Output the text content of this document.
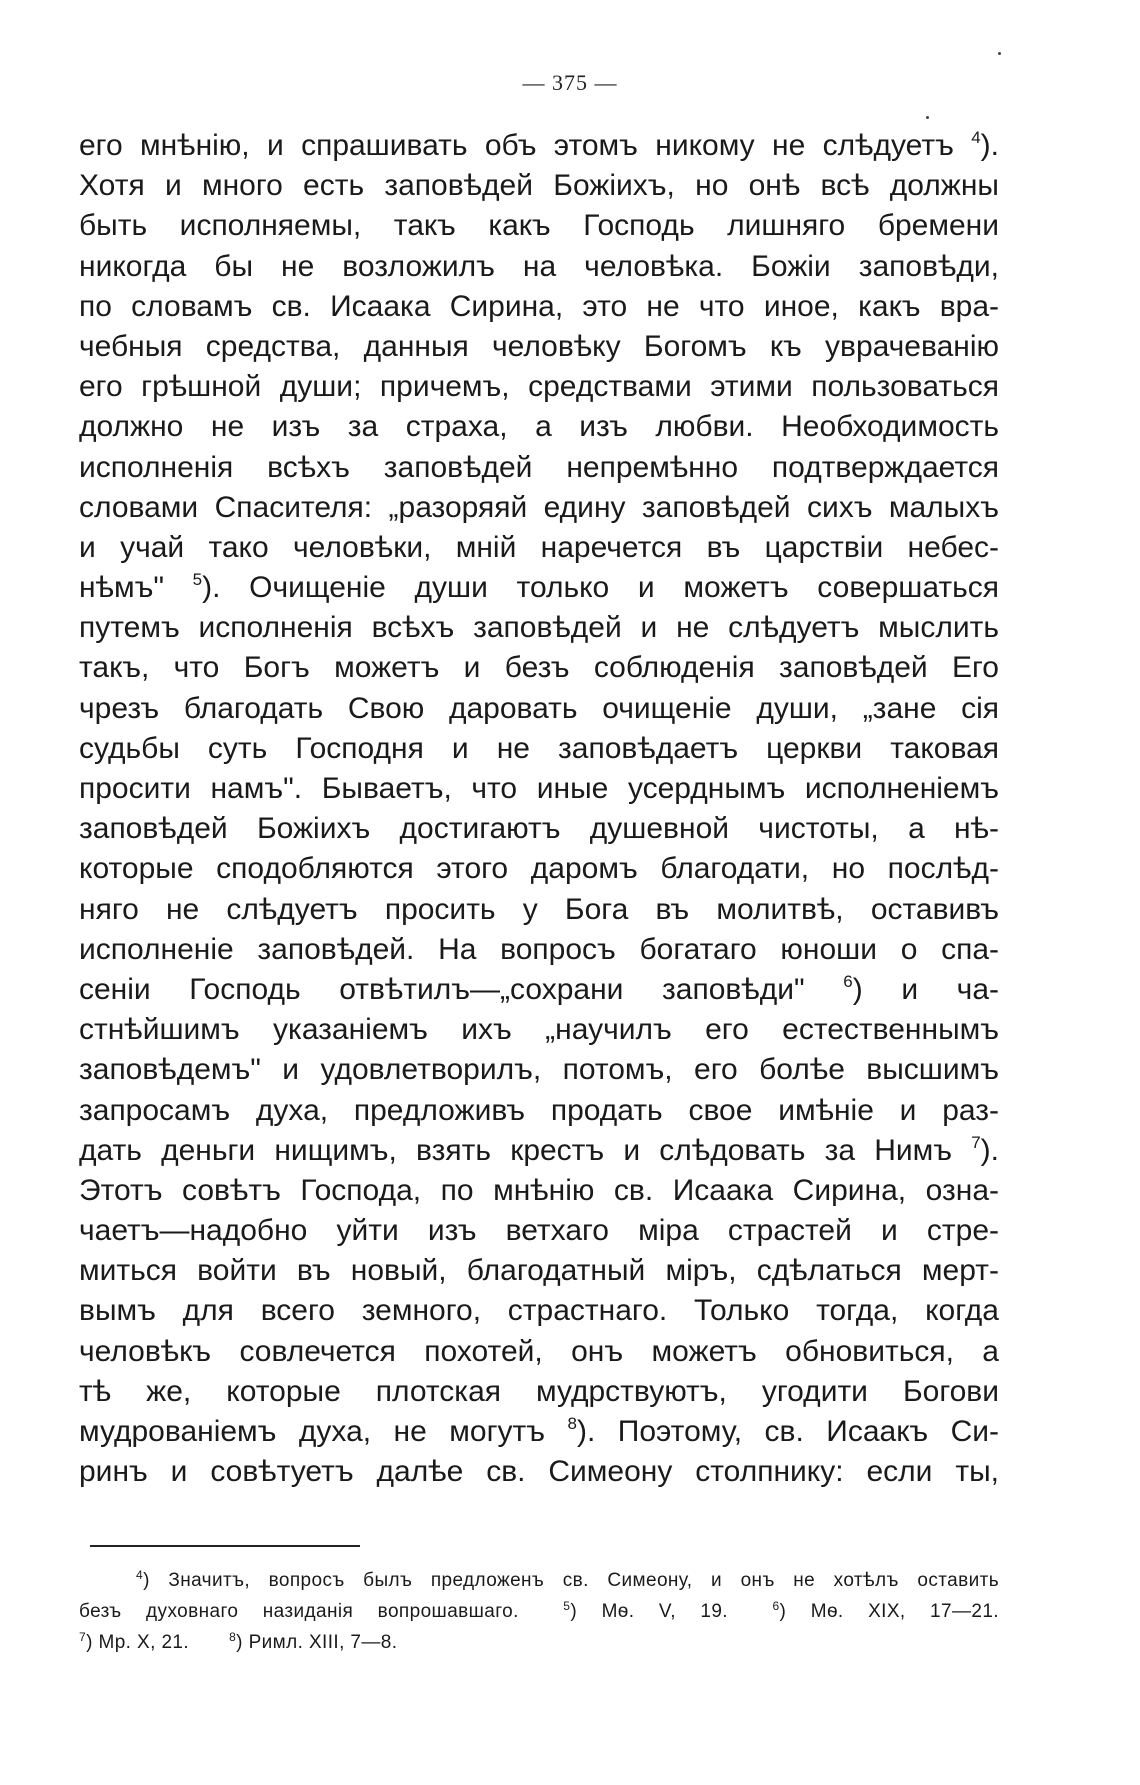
— 375 —
его мнѣнію, и спрашивать объ этомъ никому не слѣдуетъ $^4$).
Хотя и много есть заповѣдей Божіихъ, но онѣ всѣ должны
быть исполняемы, такъ какъ Господь лишняго бремени
никогда бы не возложилъ на человѣка. Божіи заповѣди,
по словамъ св. Исаака Сирина, это не что иное, какъ вра-
чебныя средства, данныя человѣку Богомъ къ уврачеванію
его грѣшной души; причемъ, средствами этими пользоваться
должно не изъ за страха, а изъ любви. Необходимость
исполненія всѣхъ заповѣдей непремѣнно подтверждается
словами Спасителя: „разоряяй едину заповѣдей сихъ малыхъ
и учай тако человѣки, мній наречется въ царствіи небес-
нѣмъ" $^5$). Очищеніе души только и можетъ совершаться
путемъ исполненія всѣхъ заповѣдей и не слѣдуетъ мыслить
такъ, что Богъ можетъ и безъ соблюденія заповѣдей Его
чрезъ благодать Свою даровать очищеніе души, „зане сія
судьбы суть Господня и не заповѣдаетъ церкви таковая
просити намъ". Бываетъ, что иные усерднымъ исполненіемъ
заповѣдей Божіихъ достигаютъ душевной чистоты, а нѣ-
которые сподобляются этого даромъ благодати, но послѣд-
няго не слѣдуетъ просить у Бога въ молитвѣ, оставивъ
исполненіе заповѣдей. На вопросъ богатаго юноши о спа-
сеніи Господь отвѣтилъ—„сохрани заповѣди" $^6$) и ча-
стнѣйшимъ указаніемъ ихъ „научилъ его естественнымъ
заповѣдемъ" и удовлетворилъ, потомъ, его болѣе высшимъ
запросамъ духа, предложивъ продать свое имѣніе и раз-
дать деньги нищимъ, взять крестъ и слѣдовать за Нимъ $^7$).
Этотъ совѣтъ Господа, по мнѣнію св. Исаака Сирина, озна-
чаетъ—надобно уйти изъ ветхаго міра страстей и стре-
миться войти въ новый, благодатный міръ, сдѣлаться мерт-
вымъ для всего земного, страстнаго. Только тогда, когда
человѣкъ совлечется похотей, онъ можетъ обновиться, а
тѣ же, которые плотская мудрствуютъ, угодити Богови
мудрованіемъ духа, не могутъ $^8$). Поэтому, св. Исаакъ Си-
ринъ и совѣтуетъ далѣе св. Симеону столпнику: если ты,
$^4$) Значитъ, вопросъ былъ предложенъ св. Симеону, и онъ не хотѣлъ оставить
безъ духовнаго назиданія вопрошавшаго.	$^5$) Мѳ. V, 19.	$^6$) Мѳ. XIX, 17—21.
$^7$) Мр. X, 21.	$^8$) Римл. XIII, 7—8.
